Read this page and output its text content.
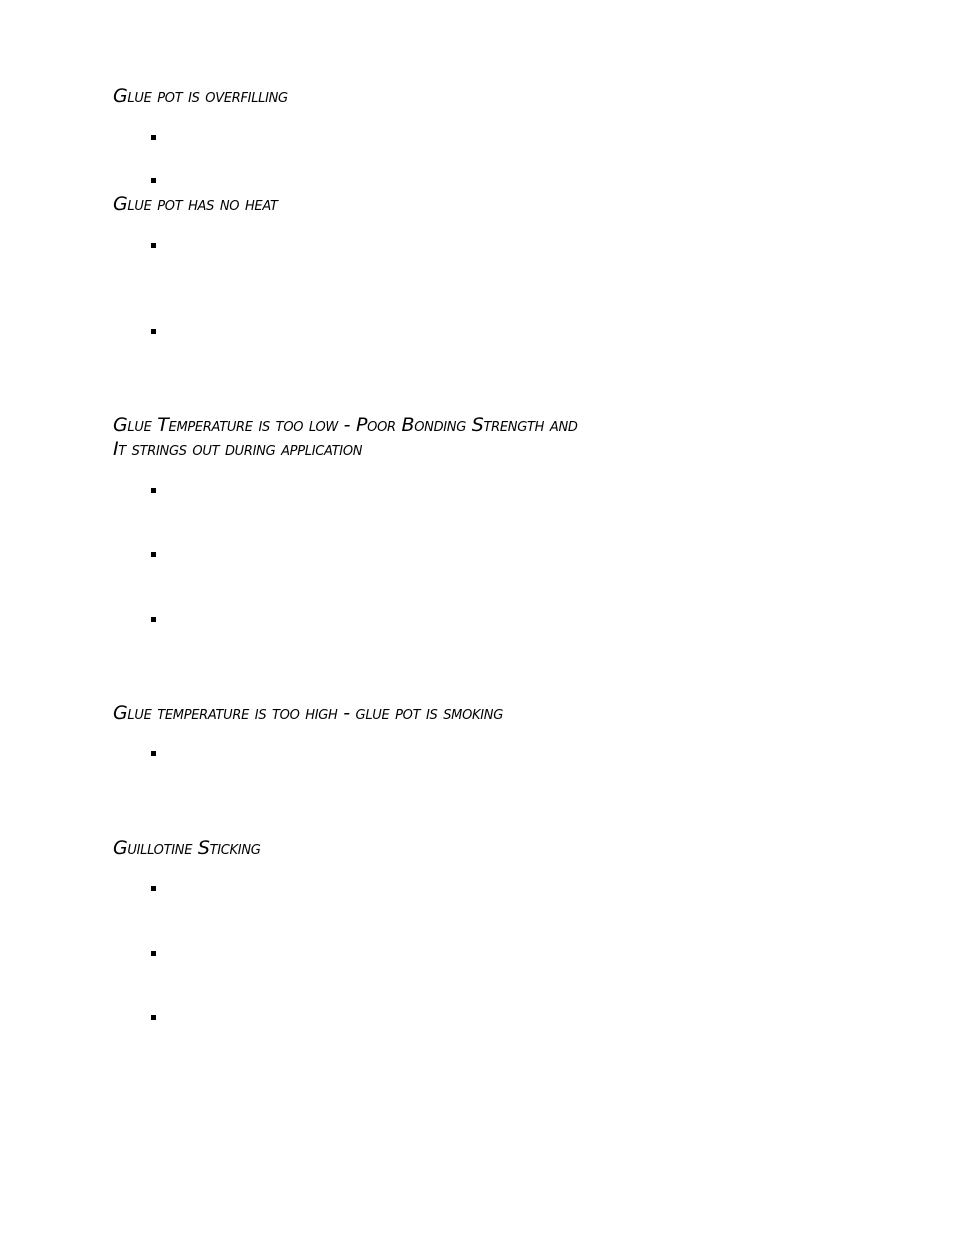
Glue pot is overfilling
Glue pot has no heat
Glue Temperature is too low - Poor Bonding Strength and
It strings out during application
Glue temperature is too high - glue pot is smoking
Guillotine Sticking
